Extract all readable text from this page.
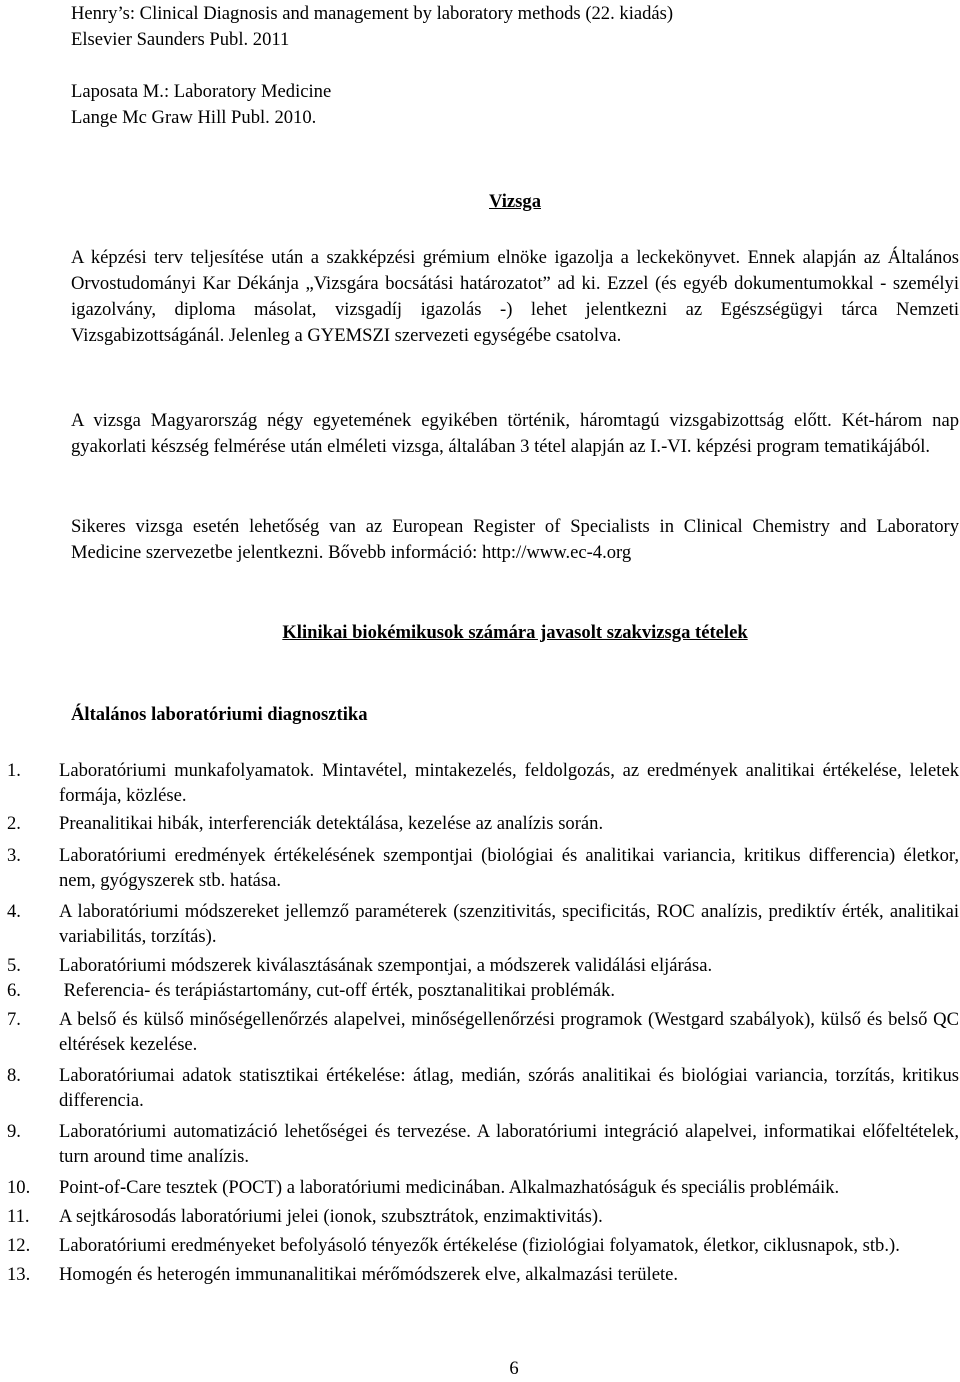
Henry’s: Clinical Diagnosis and management by laboratory methods (22. kiadás)

Elsevier Saunders Publ. 2011

Laposata M.: Laboratory Medicine

Lange Mc Graw Hill Publ. 2010.

Vizsga

A képzési terv teljesítése után a szakképzési grémium elnöke igazolja a leckekönyvet. Ennek alapján az Általános Orvostudományi Kar Dékánja „Vizsgára bocsátási határozatot” ad ki. Ezzel (és egyéb dokumentumokkal - személyi igazolvány, diploma másolat, vizsgadíj igazolás -) lehet jelentkezni az Egészségügyi tárca Nemzeti Vizsgabizottságánál. Jelenleg a GYEMSZI szervezeti egységébe csatolva.

A vizsga Magyarország négy egyetemének egyikében történik, háromtagú vizsgabizottság előtt. Két-három nap gyakorlati készség felmérése után elméleti vizsga, általában 3 tétel alapján az I.-VI. képzési program tematikájából.

Sikeres vizsga esetén lehetőség van az European Register of Specialists in Clinical Chemistry and Laboratory Medicine szervezetbe jelentkezni. Bővebb információ: http://www.ec-4.org

Klinikai biokémikusok számára javasolt szakvizsga tételek

Általános laboratóriumi diagnosztika

1. Laboratóriumi munkafolyamatok. Mintavétel, mintakezelés, feldolgozás, az eredmények analitikai értékelése, leletek formája, közlése.
2. Preanalitikai hibák, interferenciák detektálása, kezelése az analízis során.
3. Laboratóriumi eredmények értékelésének szempontjai (biológiai és analitikai variancia, kritikus differencia) életkor, nem, gyógyszerek stb. hatása.
4. A laboratóriumi módszereket jellemző paraméterek (szenzitivitás, specificitás, ROC analízis, prediktív érték, analitikai variabilitás, torzítás).
5. Laboratóriumi módszerek kiválasztásának szempontjai, a módszerek validálási eljárása.
6. Referencia- és terápiástartomány, cut-off érték, posztanalitikai problémák.
7. A belső és külső minőségellenőrzés alapelvei, minőségellenőrzési programok (Westgard szabályok), külső és belső QC eltérések kezelése.
8. Laboratóriumai adatok statisztikai értékelése: átlag, medián, szórás analitikai és biológiai variancia, torzítás, kritikus differencia.
9. Laboratóriumi automatizáció lehetőségei és tervezése. A laboratóriumi integráció alapelvei, informatikai előfeltételek, turn around time analízis.
10. Point-of-Care tesztek (POCT) a laboratóriumi medicinában. Alkalmazhatóságuk és speciális problémáik.
11. A sejtkárosodás laboratóriumi jelei (ionok, szubsztrátok, enzimaktivitás).
12. Laboratóriumi eredményeket befolyásoló tényezők értékelése (fiziológiai folyamatok, életkor, ciklusnapok, stb.).
13. Homogén és heterogén immunanalitikai mérőmódszerek elve, alkalmazási területe.

6
